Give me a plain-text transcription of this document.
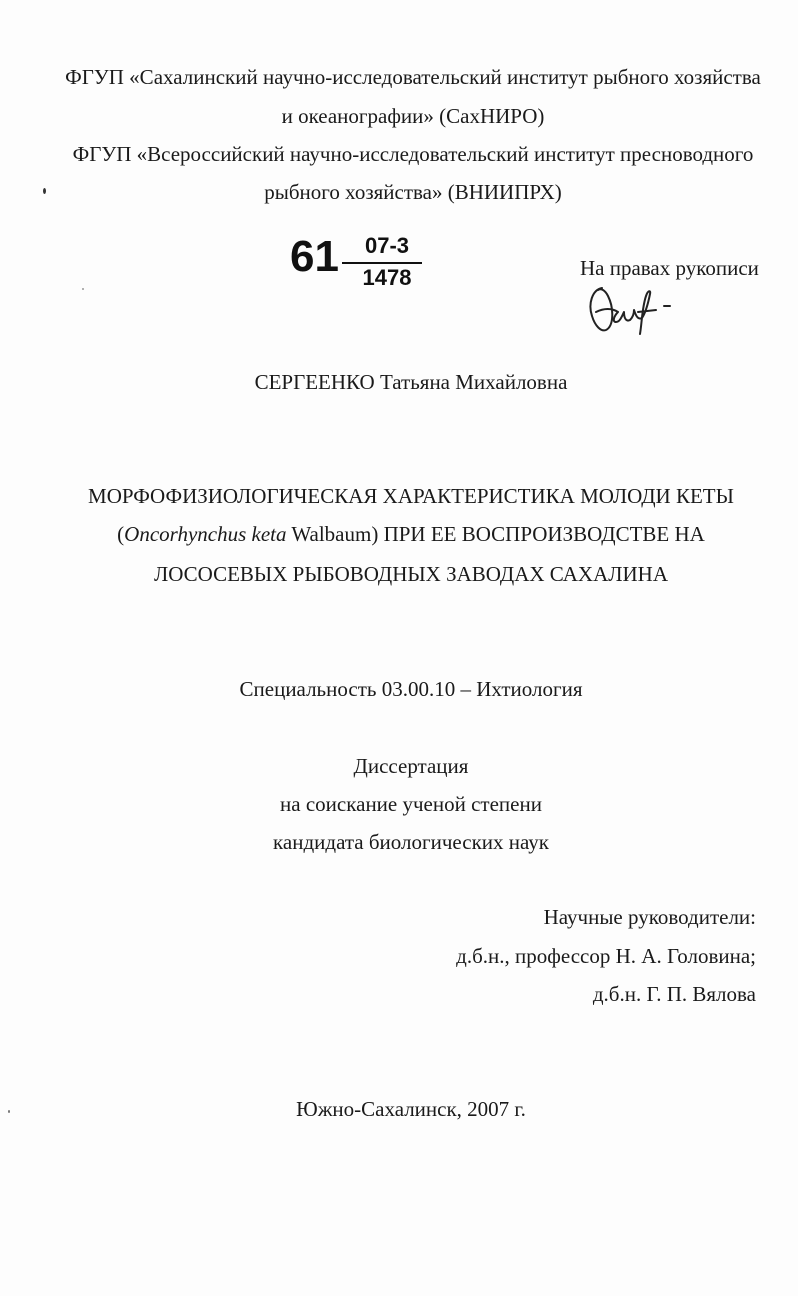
ФГУП «Сахалинский научно-исследовательский институт рыбного хозяйства
и океанографии» (СахНИРО)
ФГУП «Всероссийский научно-исследовательский институт пресноводного
рыбного хозяйства» (ВНИИПРХ)
61	07-3
1478	На правах рукописи
СЕРГЕЕНКО Татьяна Михайловна
МОРФОФИЗИОЛОГИЧЕСКАЯ ХАРАКТЕРИСТИКА МОЛОДИ КЕТЫ
(Oncorhynchus keta Walbaum) ПРИ ЕЕ ВОСПРОИЗВОДСТВЕ НА
ЛОСОСЕВЫХ РЫБОВОДНЫХ ЗАВОДАХ САХАЛИНА
Специальность 03.00.10 – Ихтиология
Диссертация
на соискание ученой степени
кандидата биологических наук
Научные руководители:
д.б.н., профессор Н. А. Головина;
д.б.н. Г. П. Вялова
Южно-Сахалинск, 2007 г.
